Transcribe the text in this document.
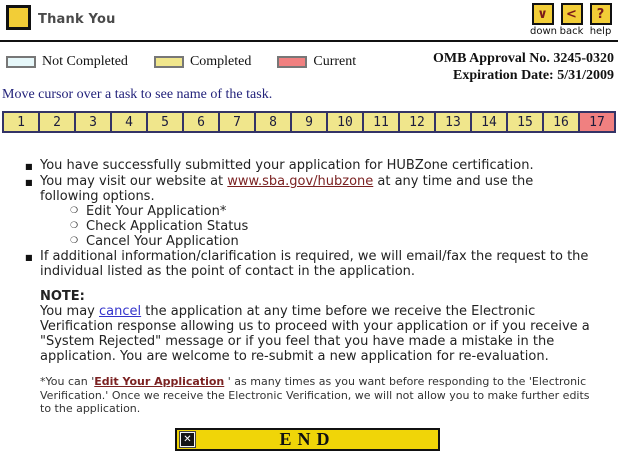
Thank You	∨
down
<
back
?
help
Not Completed	Completed	Current	OMB Approval No. 3245-0320
Expiration Date: 5/31/2009
Move cursor over a task to see name of the task.
1	2	3	4	5	6	7	8	9	10	11	12	13	14	15	16	17
■ You have successfully submitted your application for HUBZone certification.
■ You may visit our website at www.sba.gov/hubzone at any time and use the following options.
❍ Edit Your Application*
❍ Check Application Status
❍ Cancel Your Application
■ If additional information/clarification is required, we will email/fax the request to the individual listed as the point of contact in the application.
NOTE:
You may cancel the application at any time before we receive the Electronic Verification response allowing us to proceed with your application or if you receive a "System Rejected" message or if you feel that you have made a mistake in the application. You are welcome to re-submit a new application for re-evaluation.
*You can 'Edit Your Application ' as many times as you want before responding to the 'Electronic Verification.' Once we receive the Electronic Verification, we will not allow you to make further edits to the application.
✕	END
